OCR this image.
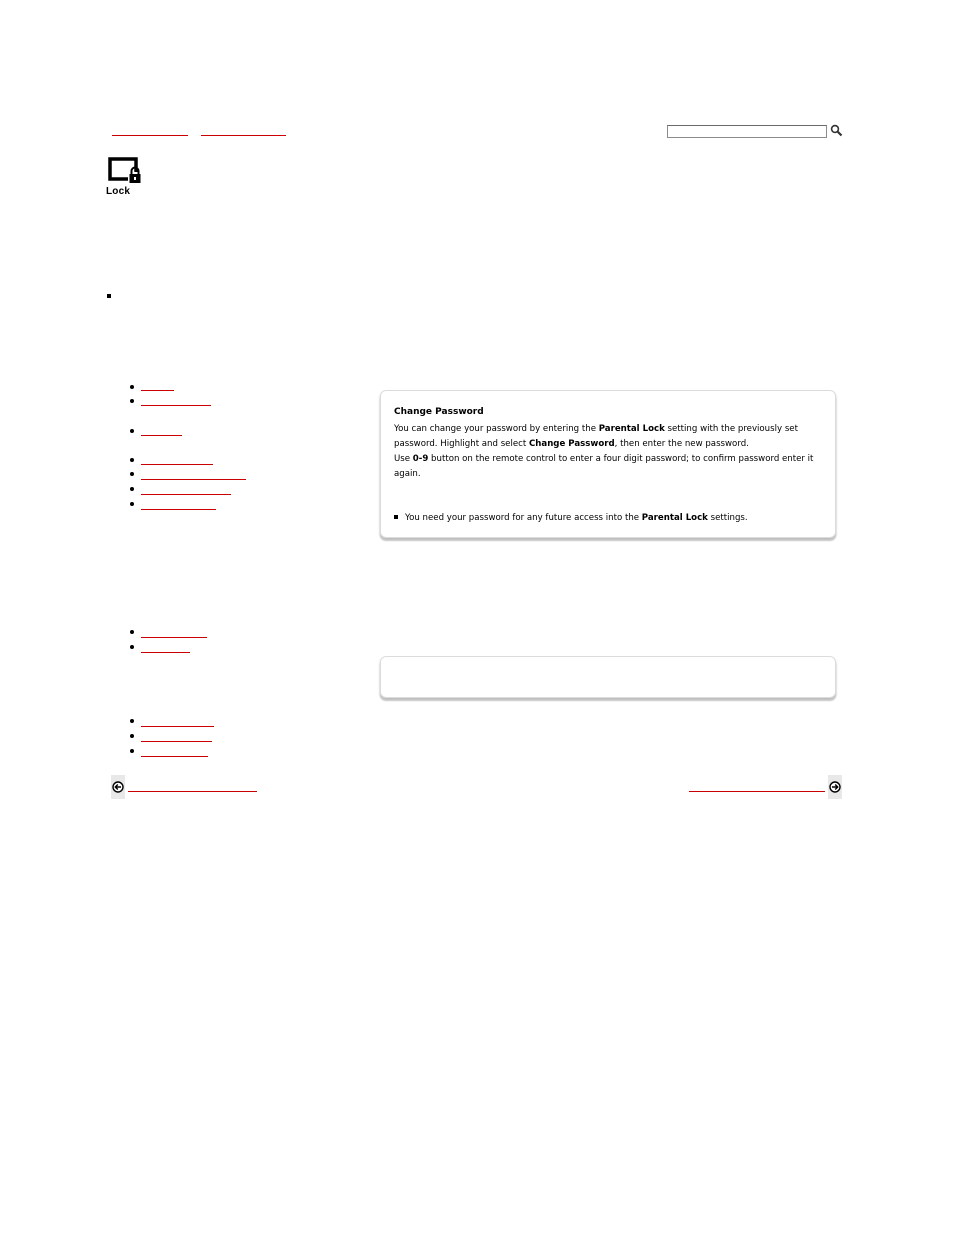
Lock
Change Password
You can change your password by entering the Parental Lock setting with the previously set password. Highlight and select Change Password, then enter the new password.
Use 0-9 button on the remote control to enter a four digit password; to confirm password enter it again.
You need your password for any future access into the Parental Lock settings.
